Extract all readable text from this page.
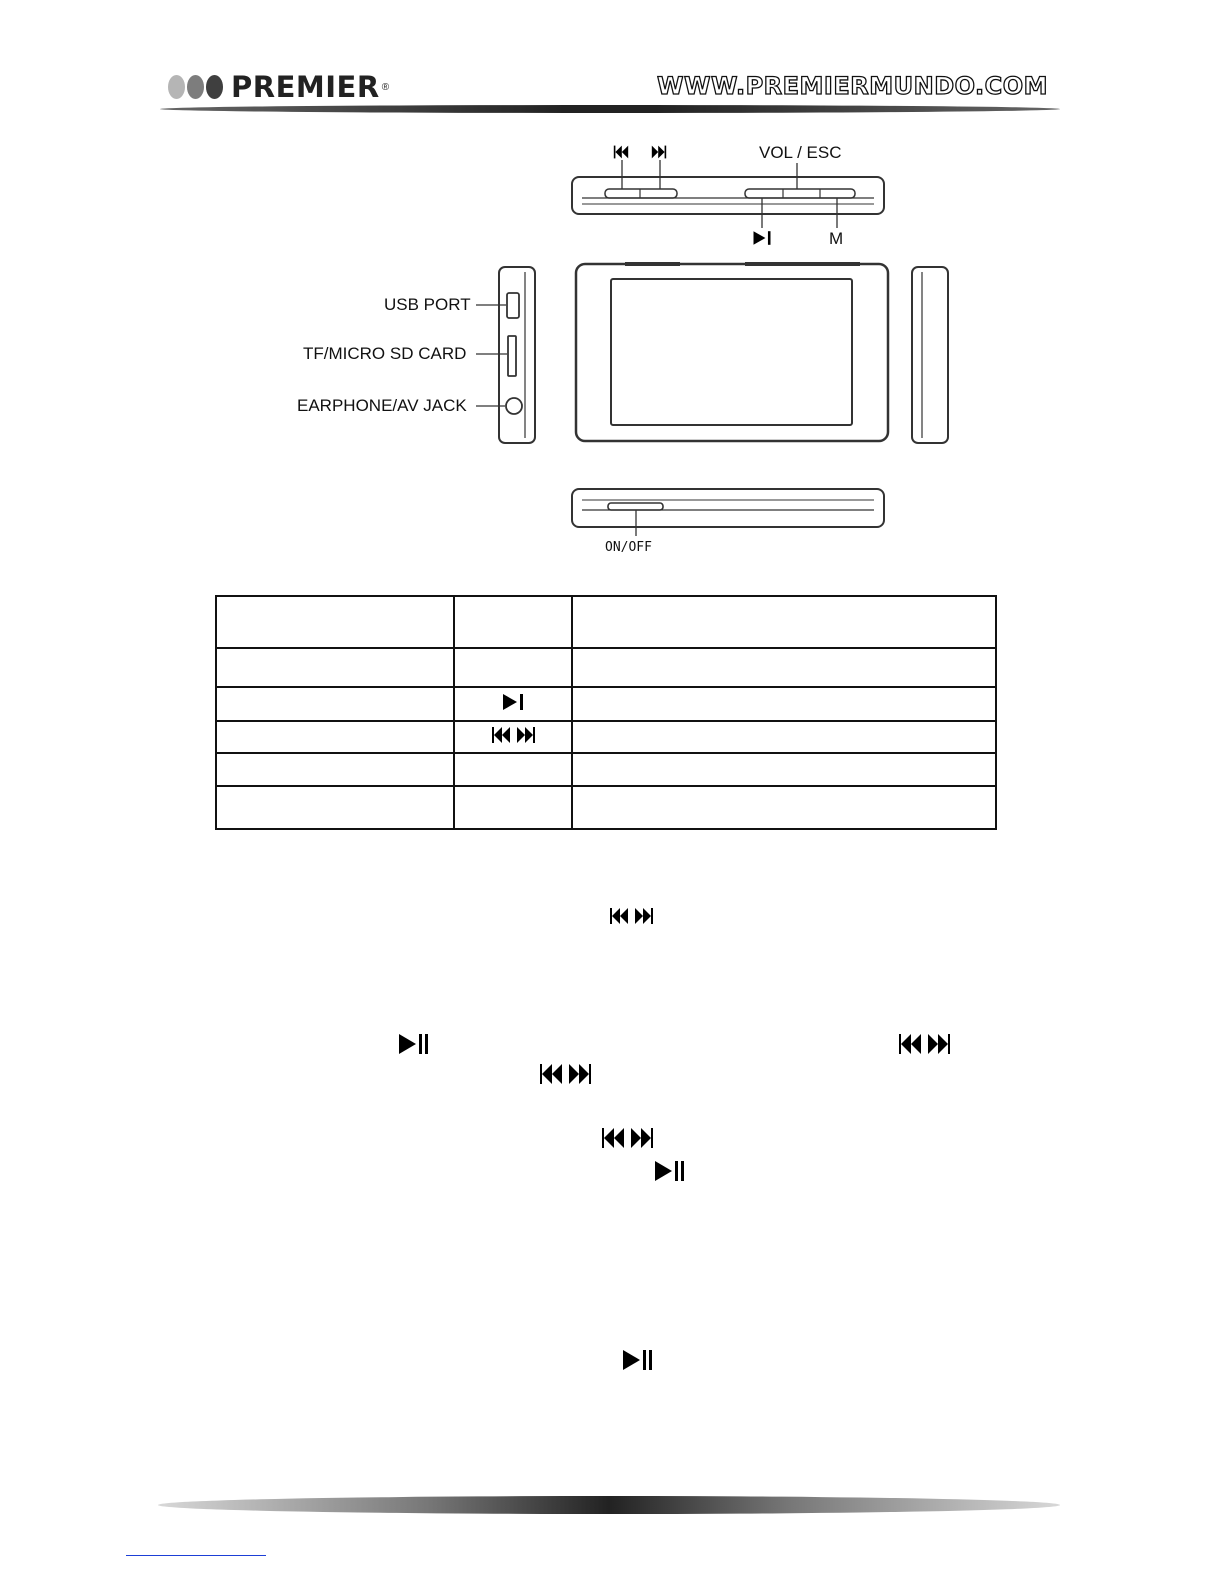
PREMIER ®	WWW.PREMIERMUNDO.COM
VOL / ESC
M
USB PORT
TF/MICRO SD CARD
EARPHONE/AV JACK
ON/OFF
